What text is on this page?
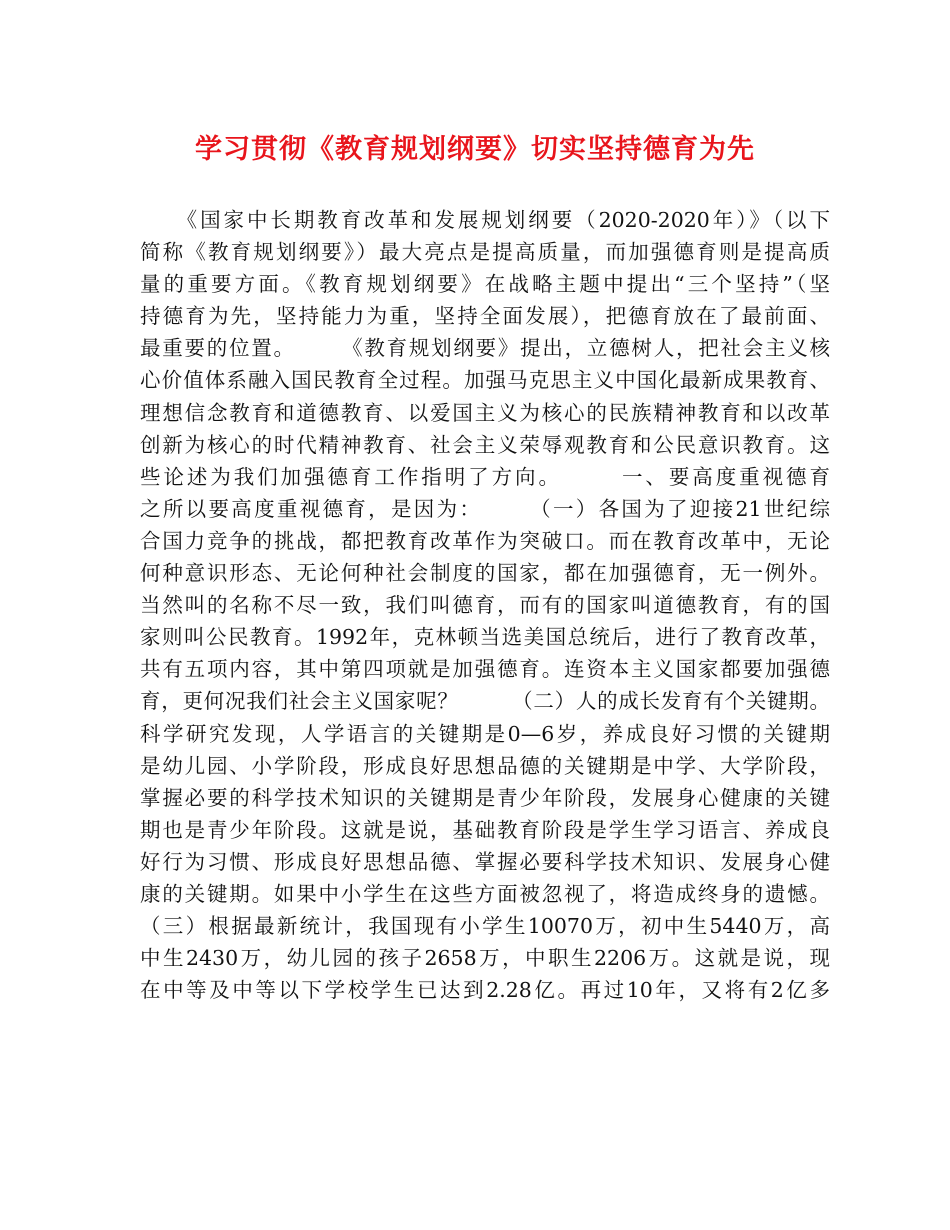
学习贯彻《教育规划纲要》切实坚持德育为先
　　《国家中长期教育改革和发展规划纲要（2020-2020年）》（以下
简称《教育规划纲要》）最大亮点是提高质量，而加强德育则是提高质
量的重要方面。《教育规划纲要》在战略主题中提出“三个坚持”（坚
持德育为先，坚持能力为重，坚持全面发展），把德育放在了最前面、
最重要的位置。　　　《教育规划纲要》提出，立德树人，把社会主义核
心价值体系融入国民教育全过程。加强马克思主义中国化最新成果教育、
理想信念教育和道德教育、以爱国主义为核心的民族精神教育和以改革
创新为核心的时代精神教育、社会主义荣辱观教育和公民意识教育。这
些论述为我们加强德育工作指明了方向。　　　一、要高度重视德育
之所以要高度重视德育，是因为：　　　（一）各国为了迎接21世纪综
合国力竞争的挑战，都把教育改革作为突破口。而在教育改革中，无论
何种意识形态、无论何种社会制度的国家，都在加强德育，无一例外。
当然叫的名称不尽一致，我们叫德育，而有的国家叫道德教育，有的国
家则叫公民教育。1992年，克林顿当选美国总统后，进行了教育改革，
共有五项内容，其中第四项就是加强德育。连资本主义国家都要加强德
育，更何况我们社会主义国家呢？　　　（二）人的成长发育有个关键期。
科学研究发现，人学语言的关键期是0—6岁，养成良好习惯的关键期
是幼儿园、小学阶段，形成良好思想品德的关键期是中学、大学阶段，
掌握必要的科学技术知识的关键期是青少年阶段，发展身心健康的关键
期也是青少年阶段。这就是说，基础教育阶段是学生学习语言、养成良
好行为习惯、形成良好思想品德、掌握必要科学技术知识、发展身心健
康的关键期。如果中小学生在这些方面被忽视了，将造成终身的遗憾。
（三）根据最新统计，我国现有小学生10070万，初中生5440万，高
中生2430万，幼儿园的孩子2658万，中职生2206万。这就是说，现
在中等及中等以下学校学生已达到2.28亿。再过10年，又将有2亿多
